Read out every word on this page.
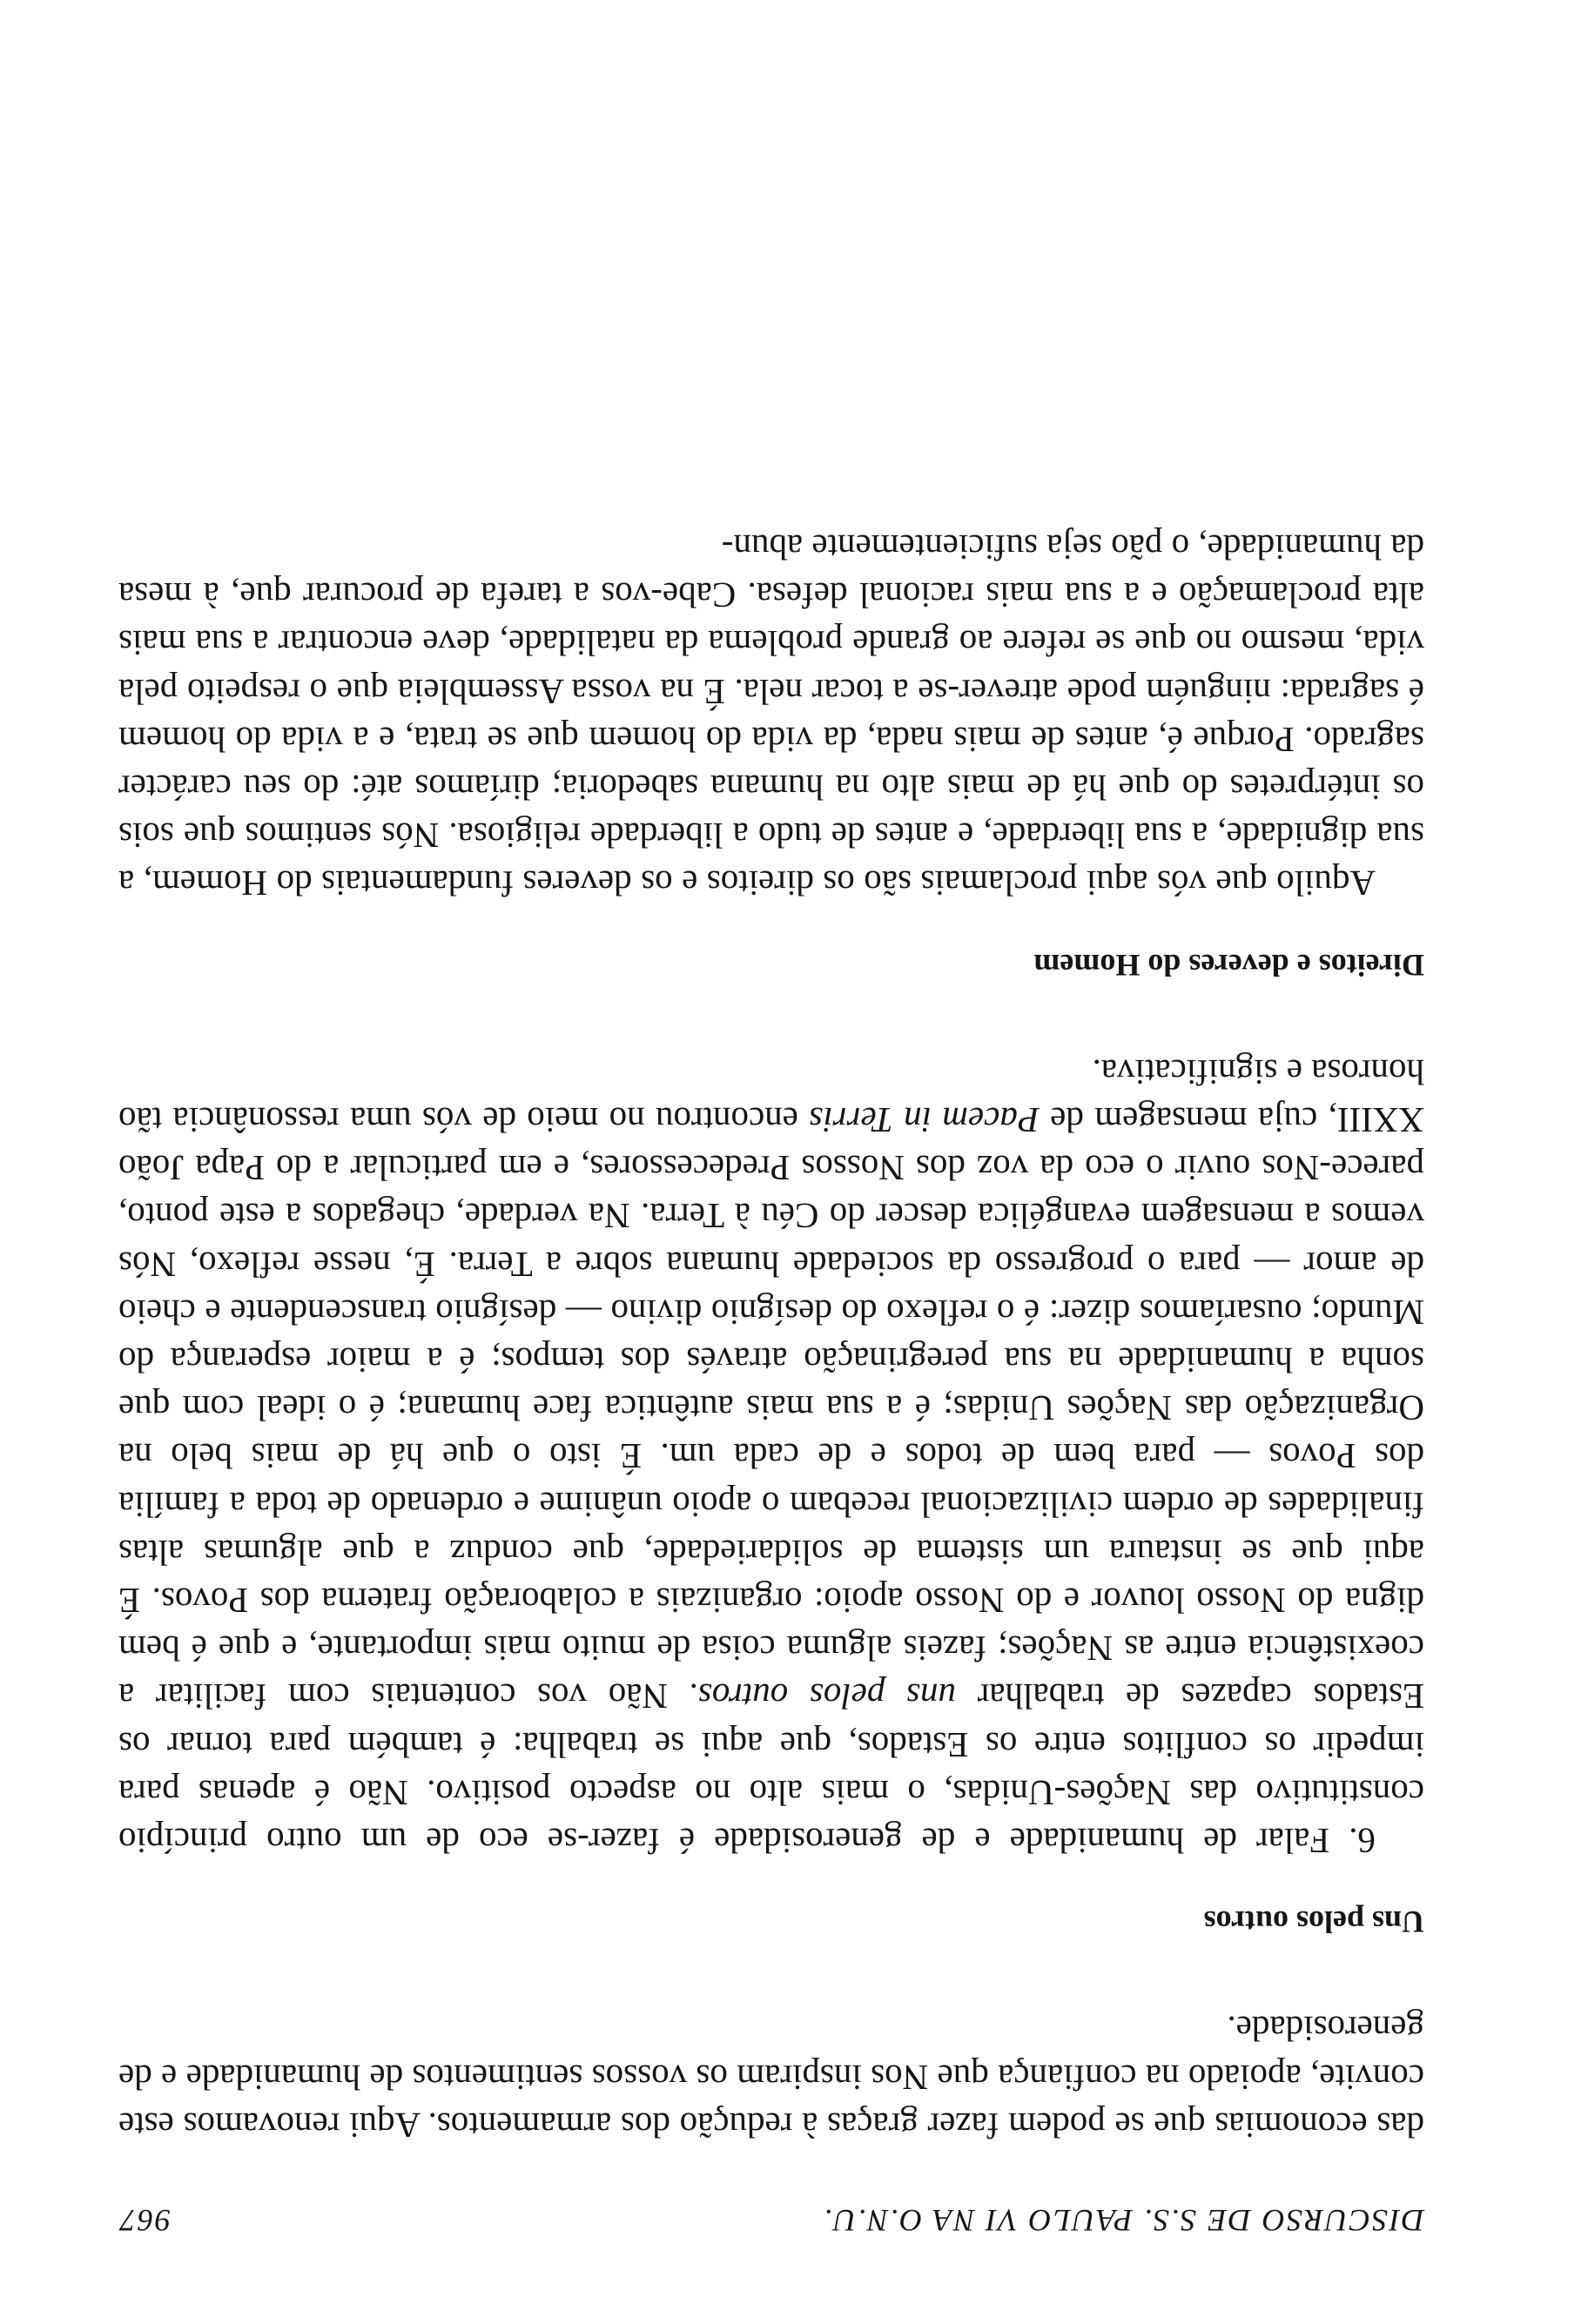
DISCURSO DE S.S. PAULO VI NA O.N.U.
967

das economias que se podem fazer graças à redução dos armamentos. Aqui renovamos este convite, apoiado na confiança que Nos inspiram os vossos sentimentos de humanidade e de generosidade.

Uns pelos outros

6. Falar de humanidade e de generosidade é fazer-se eco de um outro princípio constitutivo das Nações-Unidas, o mais alto no aspecto positivo. Não é apenas para impedir os conflitos entre os Estados, que aqui se trabalha: é também para tornar os Estados capazes de trabalhar uns pelos outros. Não vos contentais com facilitar a coexistência entre as Nações; fazeis alguma coisa de muito mais importante, e que é bem digna do Nosso louvor e do Nosso apoio: organizais a colaboração fraterna dos Povos. É aqui que se instaura um sistema de solidariedade, que conduz a que algumas altas finalidades de ordem civilizacional recebam o apoio unânime e ordenado de toda a família dos Povos — para bem de todos e de cada um. É isto o que há de mais belo na Organização das Nações Unidas; é a sua mais autêntica face humana; é o ideal com que sonha a humanidade na sua peregrinação através dos tempos; é a maior esperança do Mundo; ousaríamos dizer: é o reflexo do desígnio divino — desígnio transcendente e cheio de amor — para o progresso da sociedade humana sobre a Terra. É, nesse reflexo, Nós vemos a mensagem evangélica descer do Céu à Terra. Na verdade, chegados a este ponto, parece-Nos ouvir o eco da voz dos Nossos Predecessores, e em particular a do Papa João XXIII, cuja mensagem de Pacem in Terris encontrou no meio de vós uma ressonância tão honrosa e significativa.

Direitos e deveres do Homem

Aquilo que vós aqui proclamais são os direitos e os deveres fundamentais do Homem, a sua dignidade, a sua liberdade, e antes de tudo a liberdade religiosa. Nós sentimos que sois os intérpretes do que há de mais alto na humana sabedoria; diríamos até: do seu carácter sagrado. Porque é, antes de mais nada, da vida do homem que se trata, e a vida do homem é sagrada: ninguém pode atrever-se a tocar nela. É na vossa Assembleia que o respeito pela vida, mesmo no que se refere ao grande problema da natalidade, deve encontrar a sua mais alta proclamação e a sua mais racional defesa. Cabe-vos a tarefa de procurar que, à mesa da humanidade, o pão seja suficientemente abun-
